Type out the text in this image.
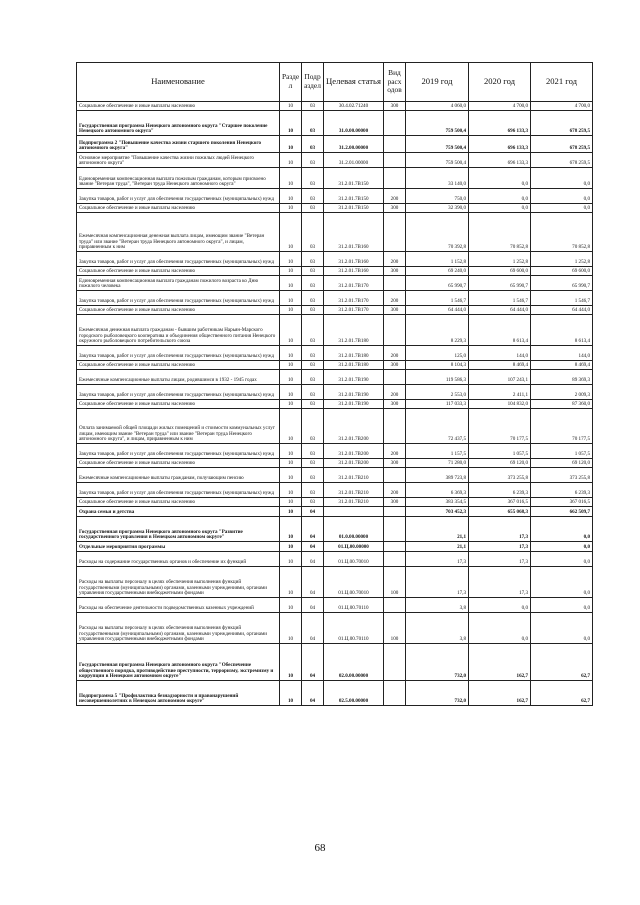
Наименование	Разде л	Подр аздел	Целевая статья	Вид расх одов	2019 год	2020 год	2021 год
Социальное обеспечение и иные выплаты населению	10	03	30.4.02.71240	300	4 060,0	4 700,0	4 700,0
Государственная программа Ненецкого автономного округа "Старшее поколение Ненецкого автономного округа"	10	03	31.0.00.00000		759 500,4	696 133,3	678 259,5
Подпрограмма 2 "Повышение качества жизни старшего поколения Ненецкого автономного округа"	10	03	31.2.00.00000		759 500,4	696 133,3	678 259,5
Основное мероприятие "Повышение качества жизни пожилых людей Ненецкого автономного округа"	10	03	31.2.01.00000		759 500,4	696 133,3	678 259,5
Единовременная компенсационная выплата пожилым гражданам, которым присвоено звание "Ветеран труда", "Ветеран труда Ненецкого автономного округа"	10	03	31.2.01.7В150		33 140,0	0,0	0,0
Закупка товаров, работ и услуг для обеспечения государственных (муниципальных) нужд	10	03	31.2.01.7В150	200	750,0	0,0	0,0
Социальное обеспечение и иные выплаты населению	10	03	31.2.01.7В150	300	32 390,0	0,0	0,0
Ежемесячная компенсационная денежная выплата лицам, имеющим звание "Ветеран труда" или звание "Ветеран труда Ненецкого автономного округа", и лицам, приравненным к ним	10	03	31.2.01.7В160		70 392,8	70 852,8	70 852,8
Закупка товаров, работ и услуг для обеспечения государственных (муниципальных) нужд	10	03	31.2.01.7В160	200	1 152,8	1 252,8	1 252,8
Социальное обеспечение и иные выплаты населению	10	03	31.2.01.7В160	300	69 240,0	69 600,0	69 600,0
Единовременная компенсационная выплата гражданам пожилого возраста ко Дню пожилого человека	10	03	31.2.01.7В170		65 990,7	65 990,7	65 990,7
Закупка товаров, работ и услуг для обеспечения государственных (муниципальных) нужд	10	03	31.2.01.7В170	200	1 546,7	1 546,7	1 546,7
Социальное обеспечение и иные выплаты населению	10	03	31.2.01.7В170	300	64 444,0	64 444,0	64 444,0
Ежемесячная денежная выплата гражданам - бывшим работникам Нарьян-Марского городского рыболовецкого кооператива и объединения общественного питания Ненецкого окружного рыболовецкого потребительского союза	10	03	31.2.01.7В180		8 229,3	8 613,4	8 613,4
Закупка товаров, работ и услуг для обеспечения государственных (муниципальных) нужд	10	03	31.2.01.7В180	200	125,0	144,0	144,0
Социальное обеспечение и иные выплаты населению	10	03	31.2.01.7В180	300	8 104,3	8 469,4	8 469,4
Ежемесячные компенсационные выплаты лицам, родившимся в 1932 - 1945 годах	10	03	31.2.01.7В190		119 586,3	107 243,1	89 369,3
Закупка товаров, работ и услуг для обеспечения государственных (муниципальных) нужд	10	03	31.2.01.7В190	200	2 553,0	2 411,1	2 009,3
Социальное обеспечение и иные выплаты населению	10	03	31.2.01.7В190	300	117 033,3	104 832,0	87 360,0
Оплата занимаемой общей площади жилых помещений и стоимости коммунальных услуг лицам, имеющим звание "Ветеран труда" или звание "Ветеран труда Ненецкого автономного округа", и лицам, приравненным к ним	10	03	31.2.01.7В200		72 437,5	70 177,5	70 177,5
Закупка товаров, работ и услуг для обеспечения государственных (муниципальных) нужд	10	03	31.2.01.7В200	200	1 157,5	1 057,5	1 057,5
Социальное обеспечение и иные выплаты населению	10	03	31.2.01.7В200	300	71 280,0	69 120,0	69 120,0
Ежемесячные компенсационные выплаты гражданам, получающим пенсию	10	03	31.2.01.7В210		389 723,8	373 255,8	373 255,8
Закупка товаров, работ и услуг для обеспечения государственных (муниципальных) нужд	10	03	31.2.01.7В210	200	6 369,3	6 239,3	6 239,3
Социальное обеспечение и иные выплаты населению	10	03	31.2.01.7В210	300	383 354,5	367 016,5	367 016,5
Охрана семьи и детства	10	04			703 452,3	655 068,3	662 509,7
Государственная программа Ненецкого автономного округа "Развитие государственного управления в Ненецком автономном округе"	10	04	01.0.00.00000		21,1	17,3	0,0
Отдельные мероприятия программы	10	04	01.Ц.00.00000		21,1	17,3	0,0
Расходы на содержание государственных органов и обеспечение их функций	10	04	01.Ц.00.70010		17,3	17,3	0,0
Расходы на выплаты персоналу в целях обеспечения выполнения функций государственными (муниципальными) органами, казенными учреждениями, органами управления государственными внебюджетными фондами	10	04	01.Ц.00.70010	100	17,3	17,3	0,0
Расходы на обеспечение деятельности подведомственных казенных учреждений	10	04	01.Ц.00.70110		3,8	0,0	0,0
Расходы на выплаты персоналу в целях обеспечения выполнения функций государственными (муниципальными) органами, казенными учреждениями, органами управления государственными внебюджетными фондами	10	04	01.Ц.00.70110	100	3,8	0,0	0,0
Государственная программа Ненецкого автономного округа "Обеспечение общественного порядка, противодействие преступности, терроризму, экстремизму и коррупции в Ненецком автономном округе"	10	04	02.0.00.00000		732,0	162,7	62,7
Подпрограмма 5 "Профилактика безнадзорности и правонарушений несовершеннолетних в Ненецком автономном округе"	10	04	02.5.00.00000		732,0	162,7	62,7
68
